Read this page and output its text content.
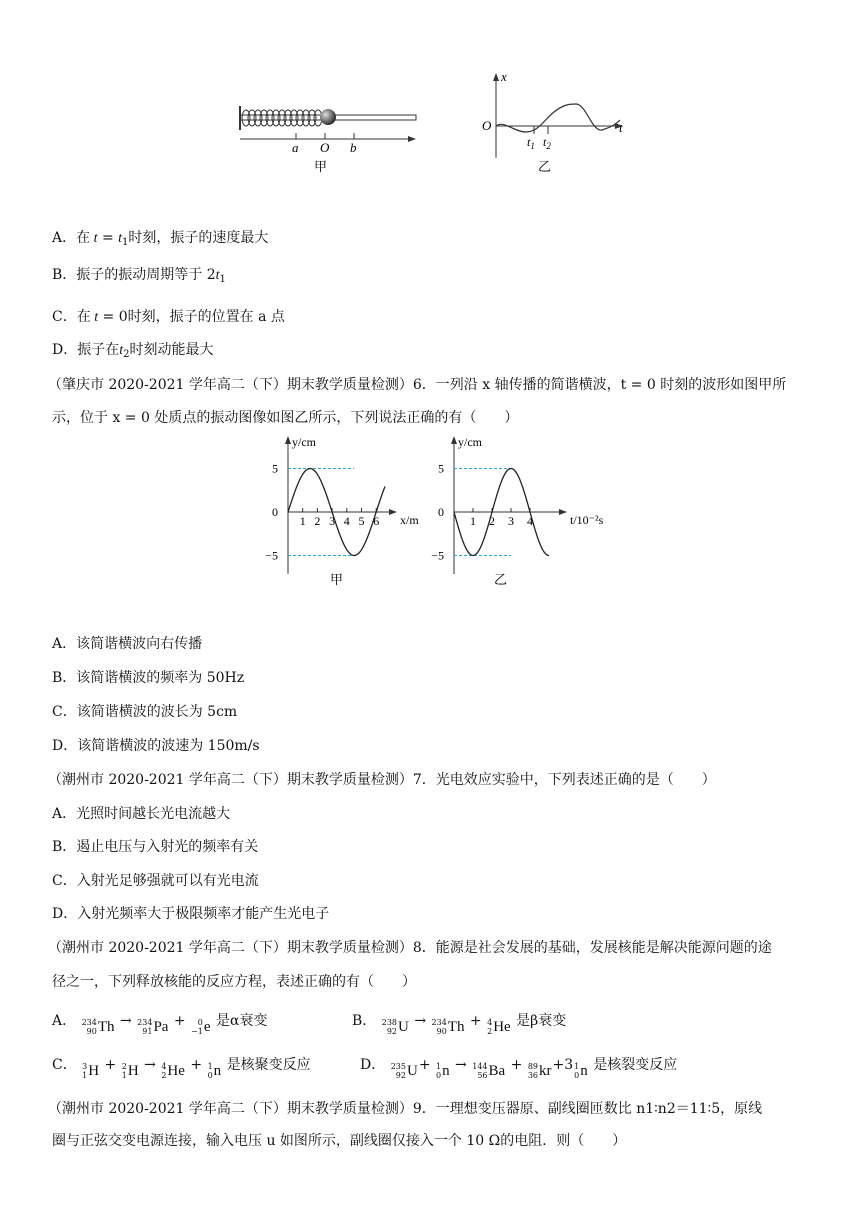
a O b
甲
x
t
O
$t_1$ $t_2$
乙
A．在 $t = t_1$时刻，振子的速度最大
B．振子的振动周期等于 $2t_1$
C．在 t = 0时刻，振子的位置在 a 点
D．振子在$t_2$时刻动能最大
（肇庆市 2020-2021 学年高二（下）期末教学质量检测）6．一列沿 x 轴传播的简谐横波，t = 0 时刻的波形如图甲所
示，位于 x = 0 处质点的振动图像如图乙所示，下列说法正确的有（　　）
y/cm
x/m
5
0
−5
1 2 3 4 5 6
甲
y/cm
t/10⁻²s
5
0
−5
1 2 3 4
乙
A．该简谐横波向右传播
B．该简谐横波的频率为 50Hz
C．该简谐横波的波长为 5cm
D．该简谐横波的波速为 150m/s
（潮州市 2020-2021 学年高二（下）期末教学质量检测）7．光电效应实验中，下列表述正确的是（　　）
A．光照时间越长光电流越大
B．遏止电压与入射光的频率有关
C．入射光足够强就可以有光电流
D．入射光频率大于极限频率才能产生光电子
（潮州市 2020-2021 学年高二（下）期末教学质量检测）8．能源是社会发展的基础，发展核能是解决能源问题的途
径之一，下列释放核能的反应方程，表述正确的有（　　）
A． 234
90 Th → 234
91 Pa + 0
−1 e 是α衰变	B． 238
92 U → 234
90 Th + 4
2 He 是β衰变
C． 3
1 H + 2
1 H → 4
2 He + 1
0 n 是核聚变反应	D． 235
92 U + 1
0 n → 144
56 Ba + 89
36 kr +3 1
0 n 是核裂变反应
（潮州市 2020-2021 学年高二（下）期末教学质量检测）9．一理想变压器原、副线圈匝数比 n1∶n2＝11∶5，原线
圈与正弦交变电源连接，输入电压 u 如图所示，副线圈仅接入一个 10 Ω的电阻．则（　　）
